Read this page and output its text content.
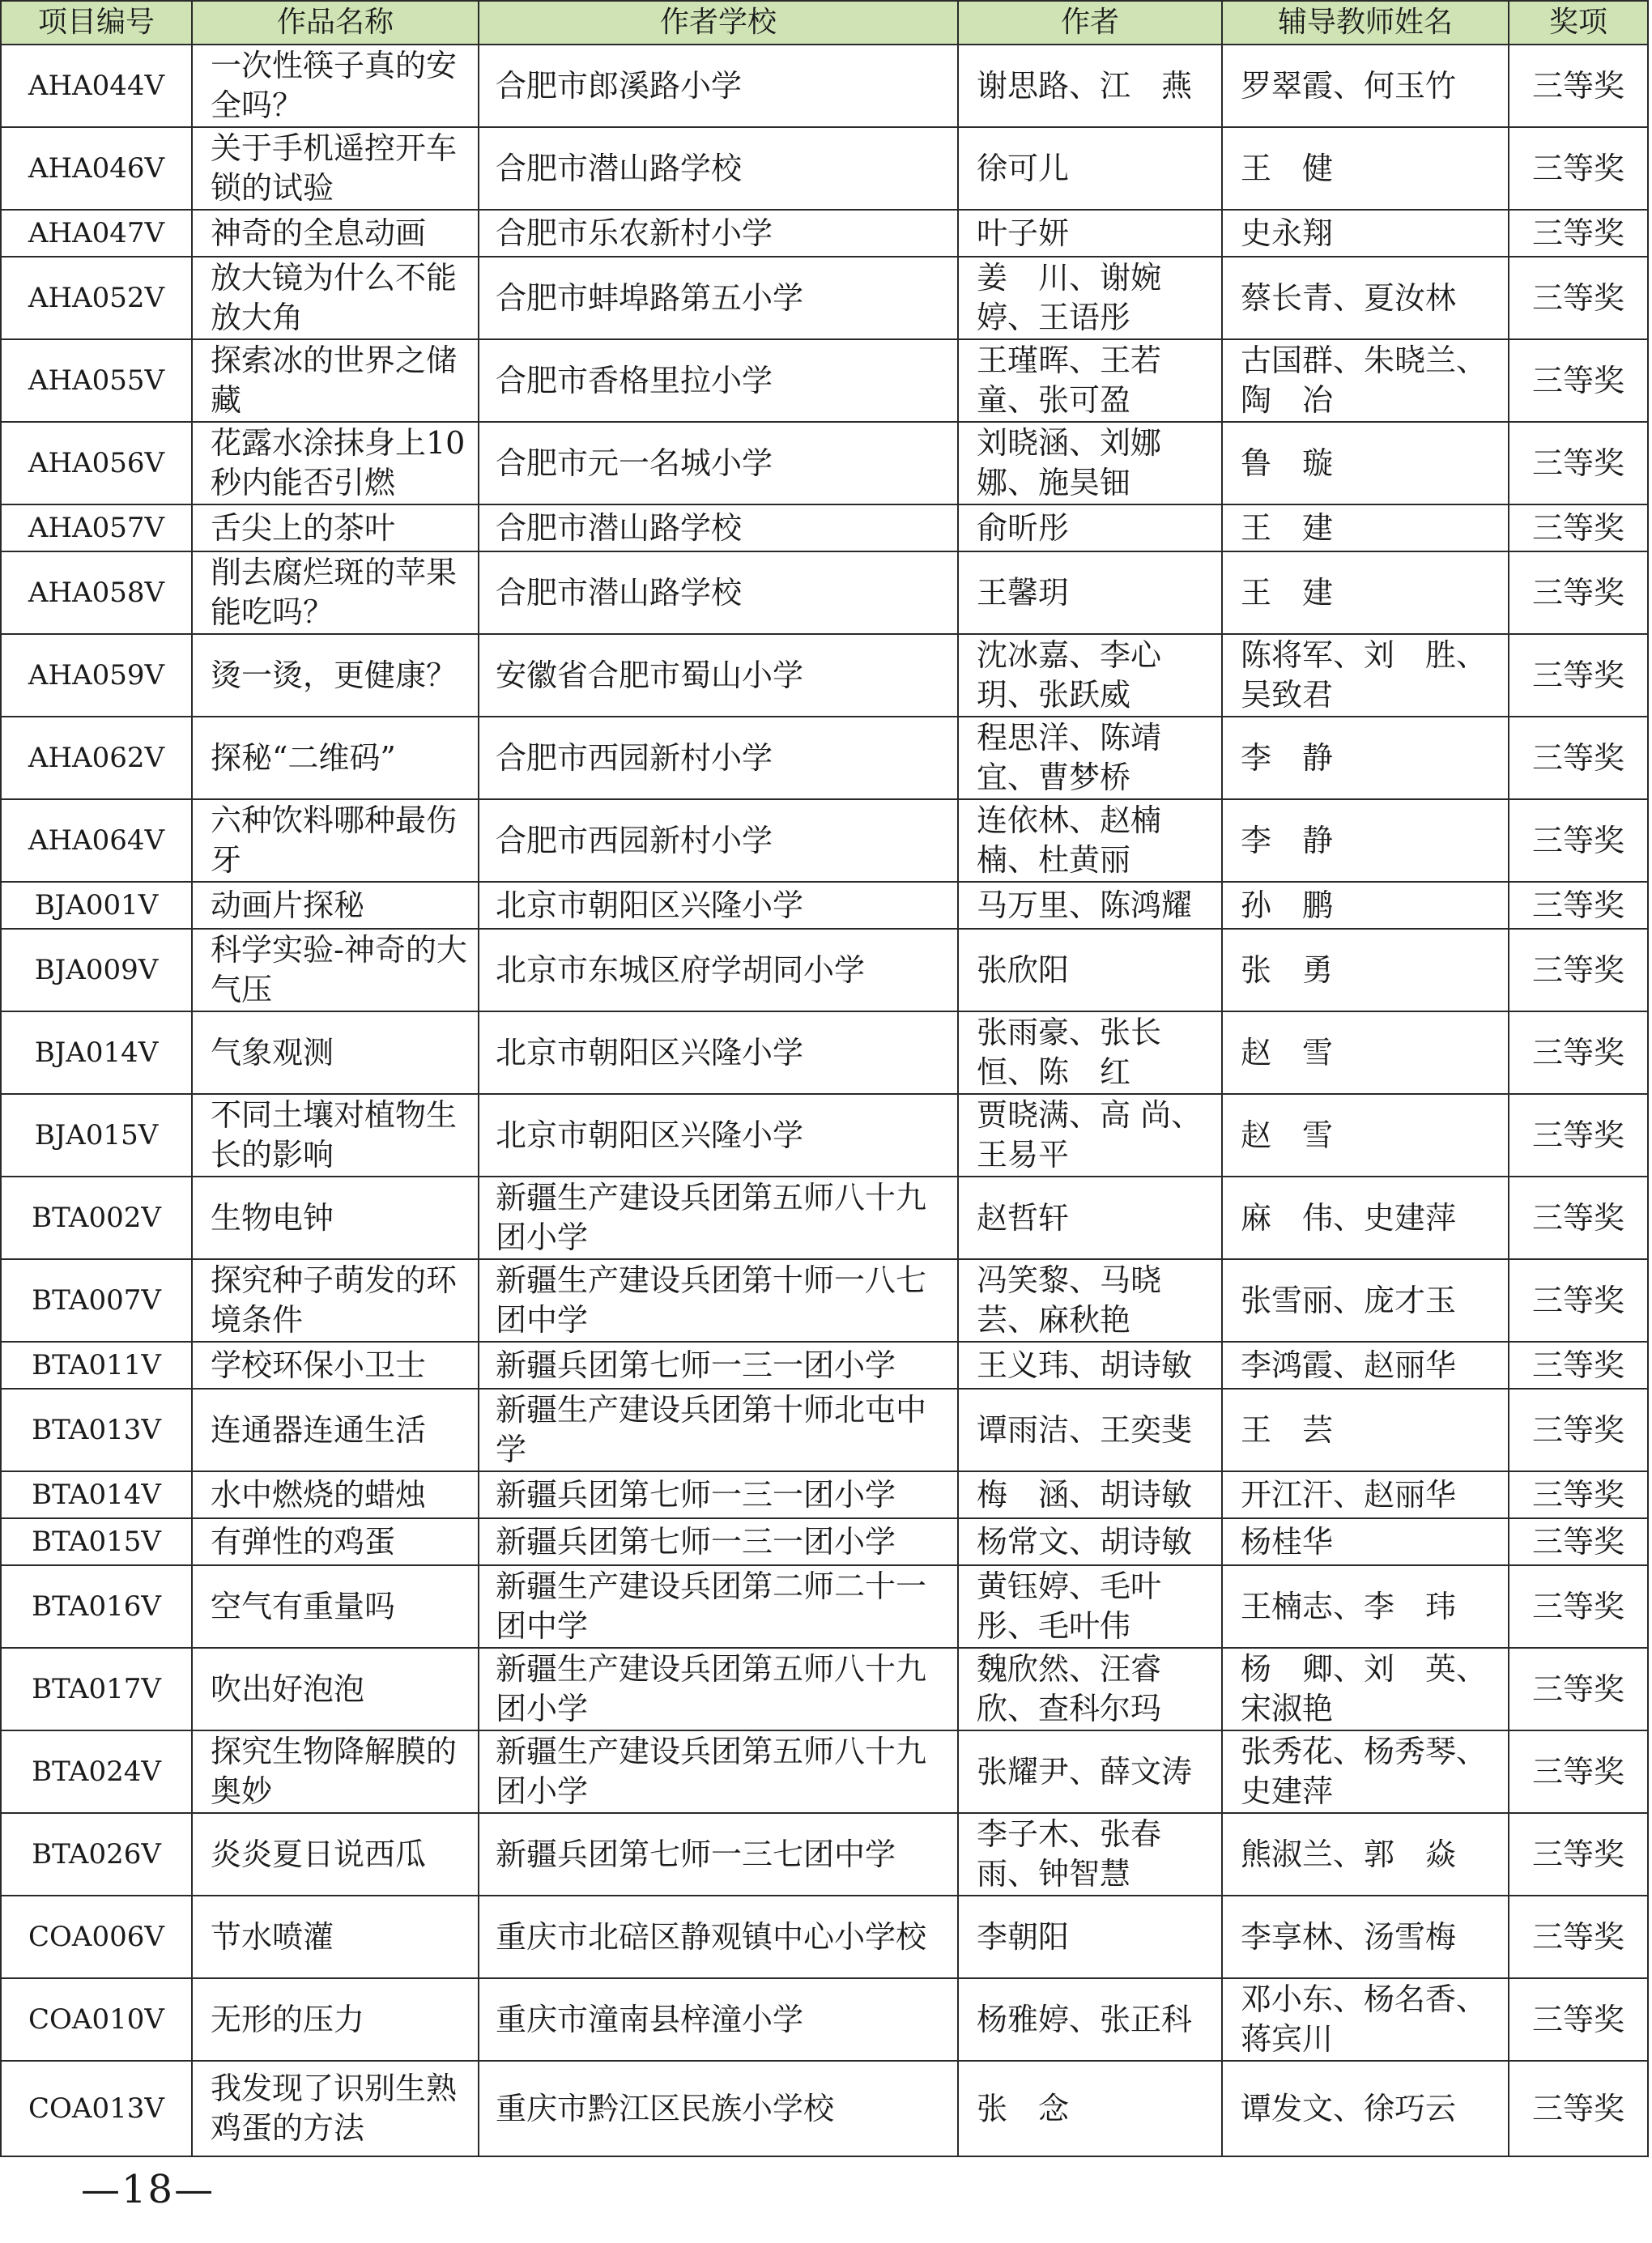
项目编号	作品名称	作者学校	作者	辅导教师姓名	奖项
AHA044V	一次性筷子真的安全吗？	合肥市郎溪路小学	谢思路、江　燕	罗翠霞、何玉竹	三等奖
AHA046V	关于手机遥控开车锁的试验	合肥市潜山路学校	徐可儿	王　健	三等奖
AHA047V	神奇的全息动画	合肥市乐农新村小学	叶子妍	史永翔	三等奖
AHA052V	放大镜为什么不能放大角	合肥市蚌埠路第五小学	姜　川、谢婉婷、王语彤	蔡长青、夏汝林	三等奖
AHA055V	探索冰的世界之储藏	合肥市香格里拉小学	王瑾晖、王若童、张可盈	古国群、朱晓兰、陶　冶	三等奖
AHA056V	花露水涂抹身上10秒内能否引燃	合肥市元一名城小学	刘晓涵、刘娜娜、施昊钿	鲁　璇	三等奖
AHA057V	舌尖上的茶叶	合肥市潜山路学校	俞昕彤	王　建	三等奖
AHA058V	削去腐烂斑的苹果能吃吗？	合肥市潜山路学校	王馨玥	王　建	三等奖
AHA059V	烫一烫，更健康？	安徽省合肥市蜀山小学	沈冰嘉、李心玥、张跃威	陈将军、刘　胜、吴致君	三等奖
AHA062V	探秘“二维码”	合肥市西园新村小学	程思洋、陈靖宜、曹梦桥	李　静	三等奖
AHA064V	六种饮料哪种最伤牙	合肥市西园新村小学	连依林、赵楠楠、杜黄丽	李　静	三等奖
BJA001V	动画片探秘	北京市朝阳区兴隆小学	马万里、陈鸿耀	孙　鹏	三等奖
BJA009V	科学实验-神奇的大气压	北京市东城区府学胡同小学	张欣阳	张　勇	三等奖
BJA014V	气象观测	北京市朝阳区兴隆小学	张雨豪、张长恒、陈　红	赵　雪	三等奖
BJA015V	不同土壤对植物生长的影响	北京市朝阳区兴隆小学	贾晓满、高 尚、王易平	赵　雪	三等奖
BTA002V	生物电钟	新疆生产建设兵团第五师八十九团小学	赵哲轩	麻　伟、史建萍	三等奖
BTA007V	探究种子萌发的环境条件	新疆生产建设兵团第十师一八七团中学	冯笑黎、马晓芸、麻秋艳	张雪丽、庞才玉	三等奖
BTA011V	学校环保小卫士	新疆兵团第七师一三一团小学	王义玮、胡诗敏	李鸿霞、赵丽华	三等奖
BTA013V	连通器连通生活	新疆生产建设兵团第十师北屯中学	谭雨洁、王奕斐	王　芸	三等奖
BTA014V	水中燃烧的蜡烛	新疆兵团第七师一三一团小学	梅　涵、胡诗敏	开江汗、赵丽华	三等奖
BTA015V	有弹性的鸡蛋	新疆兵团第七师一三一团小学	杨常文、胡诗敏	杨桂华	三等奖
BTA016V	空气有重量吗	新疆生产建设兵团第二师二十一团中学	黄钰婷、毛叶彤、毛叶伟	王楠志、李　玮	三等奖
BTA017V	吹出好泡泡	新疆生产建设兵团第五师八十九团小学	魏欣然、汪睿欣、查科尔玛	杨　卿、刘　英、宋淑艳	三等奖
BTA024V	探究生物降解膜的奥妙	新疆生产建设兵团第五师八十九团小学	张耀尹、薛文涛	张秀花、杨秀琴、史建萍	三等奖
BTA026V	炎炎夏日说西瓜	新疆兵团第七师一三七团中学	李子木、张春雨、钟智慧	熊淑兰、郭　焱	三等奖
COA006V	节水喷灌	重庆市北碚区静观镇中心小学校	李朝阳	李享林、汤雪梅	三等奖
COA010V	无形的压力	重庆市潼南县梓潼小学	杨雅婷、张正科	邓小东、杨名香、蒋宾川	三等奖
COA013V	我发现了识别生熟鸡蛋的方法	重庆市黔江区民族小学校	张　念	谭发文、徐巧云	三等奖
—18—
